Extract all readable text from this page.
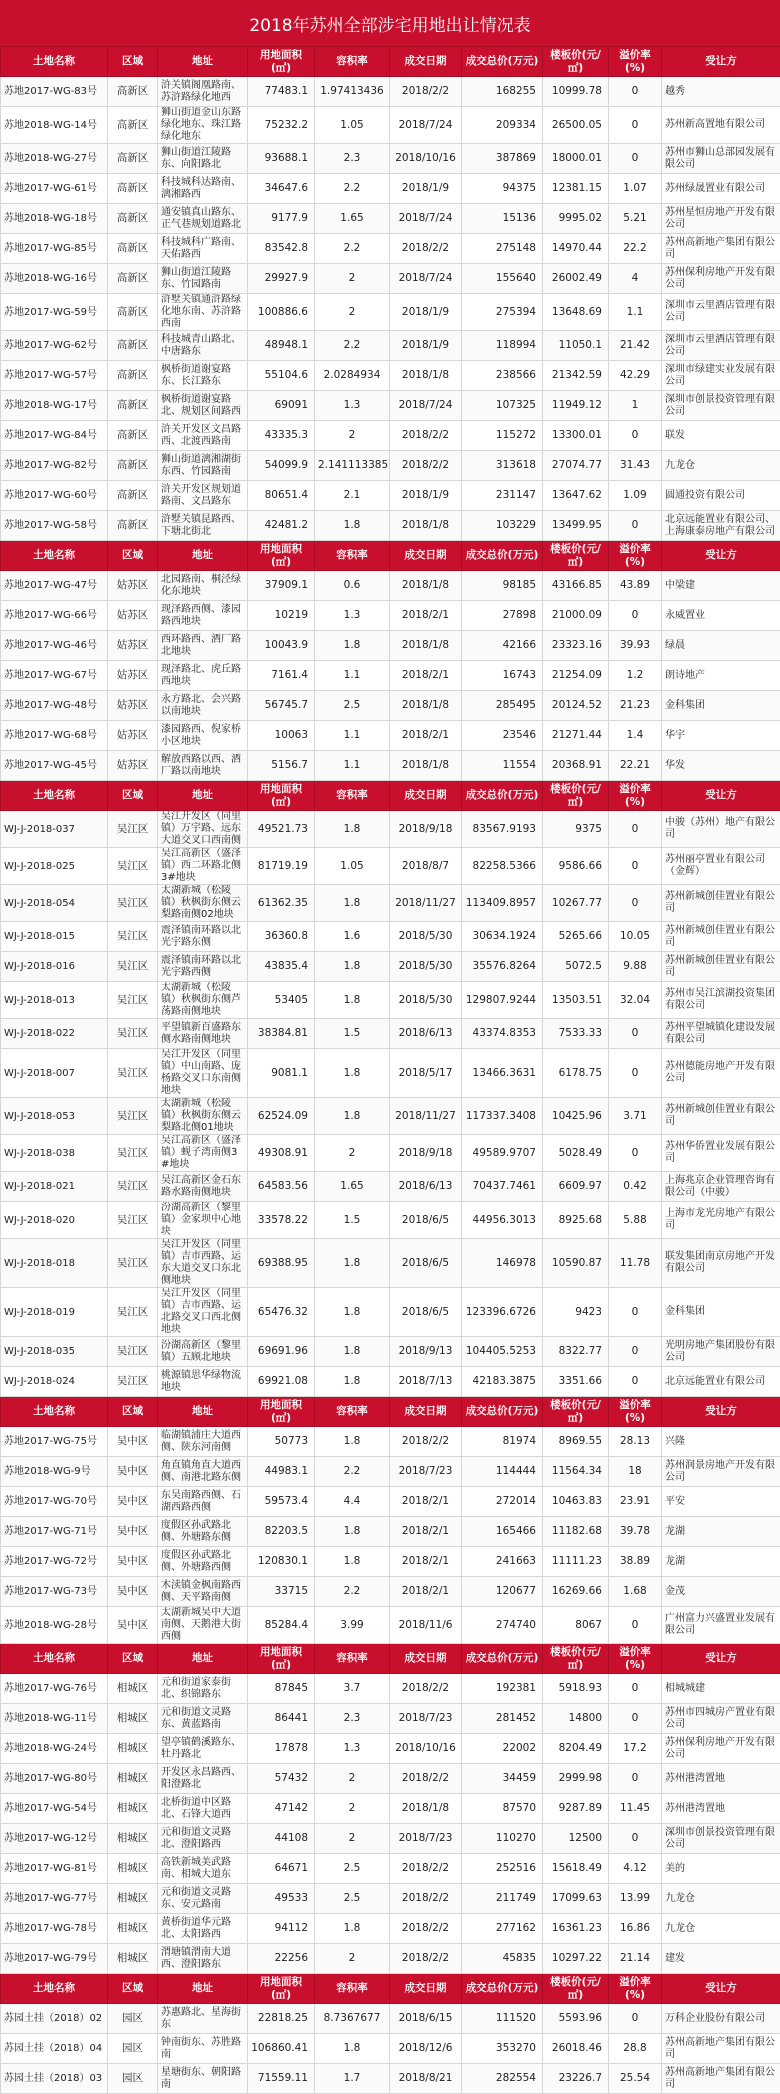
2018年苏州全部涉宅用地出让情况表
土地名称	区域	地址	用地面积(㎡)	容积率	成交日期	成交总价(万元)	楼板价(元/㎡)	溢价率(%)	受让方
苏地2017-WG-83号	高新区	浒关镇阁凰路南、苏浒路绿化地西	77483.1	1.97413436	2018/2/2	168255	10999.78	0	越秀
苏地2018-WG-14号	高新区	狮山街道金山东路绿化地东、珠江路绿化地东	75232.2	1.05	2018/7/24	209334	26500.05	0	苏州新高置地有限公司
苏地2018-WG-27号	高新区	狮山街道江陵路东、向阳路北	93688.1	2.3	2018/10/16	387869	18000.01	0	苏州市狮山总部园发展有限公司
苏地2017-WG-61号	高新区	科技城科达路南、漓湘路西	34647.6	2.2	2018/1/9	94375	12381.15	1.07	苏州绿晟置业有限公司
苏地2018-WG-18号	高新区	通安镇真山路东、正气巷规划道路北	9177.9	1.65	2018/7/24	15136	9995.02	5.21	苏州星恒房地产开发有限公司
苏地2017-WG-85号	高新区	科技城科广路南、天佑路西	83542.8	2.2	2018/2/2	275148	14970.44	22.2	苏州高新地产集团有限公司
苏地2018-WG-16号	高新区	狮山街道江陵路东、竹园路南	29927.9	2	2018/7/24	155640	26002.49	4	苏州保利房地产开发有限公司
苏地2017-WG-59号	高新区	浒墅关镇通浒路绿化地东南、苏浒路西南	100886.6	2	2018/1/9	275394	13648.69	1.1	深圳市云里酒店管理有限公司
苏地2017-WG-62号	高新区	科技城青山路北、中唐路东	48948.1	2.2	2018/1/9	118994	11050.1	21.42	深圳市云里酒店管理有限公司
苏地2017-WG-57号	高新区	枫桥街道谢宴路东、长江路东	55104.6	2.0284934	2018/1/8	238566	21342.59	42.29	深圳市绿建实业发展有限公司
苏地2018-WG-17号	高新区	枫桥街道谢宴路北、规划区间路西	69091	1.3	2018/7/24	107325	11949.12	1	深圳市创景投资管理有限公司
苏地2017-WG-84号	高新区	浒关开发区文昌路西、北渡西路南	43335.3	2	2018/2/2	115272	13300.01	0	联发
苏地2017-WG-82号	高新区	狮山街道漓湘湖街东西、竹园路南	54099.9	2.141113385	2018/2/2	313618	27074.77	31.43	九龙仓
苏地2017-WG-60号	高新区	浒关开发区规划道路南、文昌路东	80651.4	2.1	2018/1/9	231147	13647.62	1.09	圆通投资有限公司
苏地2017-WG-58号	高新区	浒墅关镇昆路西、下塘北街北	42481.2	1.8	2018/1/8	103229	13499.95	0	北京远能置业有限公司、上海康泰房地产有限公司
土地名称	区域	地址	用地面积(㎡)	容积率	成交日期	成交总价(万元)	楼板价(元/㎡)	溢价率(%)	受让方
苏地2017-WG-47号	姑苏区	北园路南、桐泾绿化东地块	37909.1	0.6	2018/1/8	98185	43166.85	43.89	中梁建
苏地2017-WG-66号	姑苏区	现泽路西侧、漆园路西地块	10219	1.3	2018/2/1	27898	21000.09	0	永威置业
苏地2017-WG-46号	姑苏区	西环路西、酒厂路北地块	10043.9	1.8	2018/1/8	42166	23323.16	39.93	绿晨
苏地2017-WG-67号	姑苏区	现泽路北、虎丘路西地块	7161.4	1.1	2018/2/1	16743	21254.09	1.2	朗诗地产
苏地2017-WG-48号	姑苏区	永方路北、会兴路以南地块	56745.7	2.5	2018/1/8	285495	20124.52	21.23	金科集团
苏地2017-WG-68号	姑苏区	漆园路西、倪家桥小区地块	10063	1.1	2018/2/1	23546	21271.44	1.4	华宇
苏地2017-WG-45号	姑苏区	解放西路以西、酒厂路以南地块	5156.7	1.1	2018/1/8	11554	20368.91	22.21	华发
土地名称	区域	地址	用地面积(㎡)	容积率	成交日期	成交总价(万元)	楼板价(元/㎡)	溢价率(%)	受让方
WJ-J-2018-037	吴江区	吴江开发区（同里镇）万宇路、远东大道交叉口西南侧	49521.73	1.8	2018/9/18	83567.9193	9375	0	中骏（苏州）地产有限公司
WJ-J-2018-025	吴江区	吴江高新区（盛泽镇）西二环路北侧3#地块	81719.19	1.05	2018/8/7	82258.5366	9586.66	0	苏州丽亭置业有限公司（金辉）
WJ-J-2018-054	吴江区	太湖新城（松陵镇）秋枫街东侧云梨路南侧02地块	61362.35	1.8	2018/11/27	113409.8957	10267.77	0	苏州新城创佳置业有限公司
WJ-J-2018-015	吴江区	震泽镇南环路以北光宇路东侧	36360.8	1.6	2018/5/30	30634.1924	5265.66	10.05	苏州新城创佳置业有限公司
WJ-J-2018-016	吴江区	震泽镇南环路以北光宇路西侧	43835.4	1.8	2018/5/30	35576.8264	5072.5	9.88	苏州新城创佳置业有限公司
WJ-J-2018-013	吴江区	太湖新城（松陵镇）秋枫街东侧芦荡路南侧地块	53405	1.8	2018/5/30	129807.9244	13503.51	32.04	苏州市吴江滨湖投资集团有限公司
WJ-J-2018-022	吴江区	平望镇新百盛路东侧水路南侧地块	38384.81	1.5	2018/6/13	43374.8353	7533.33	0	苏州平望城镇化建设发展有限公司
WJ-J-2018-007	吴江区	吴江开发区（同里镇）中山南路、庞杨路交叉口东南侧地块	9081.1	1.8	2018/5/17	13466.3631	6178.75	0	苏州德能房地产开发有限公司
WJ-J-2018-053	吴江区	太湖新城（松陵镇）秋枫街东侧云梨路北侧01地块	62524.09	1.8	2018/11/27	117337.3408	10425.96	3.71	苏州新城创佳置业有限公司
WJ-J-2018-038	吴江区	吴江高新区（盛泽镇）蚬子湾南侧3#地块	49308.91	2	2018/9/18	49589.9707	5028.49	0	苏州华侨置业发展有限公司
WJ-J-2018-021	吴江区	吴江高新区金石东路水路南侧地块	64583.56	1.65	2018/6/13	70437.7461	6609.97	0.42	上海兆京企业管理咨询有限公司（中骏）
WJ-J-2018-020	吴江区	汾湖高新区（黎里镇）金家坝中心地块	33578.22	1.5	2018/6/5	44956.3013	8925.68	5.88	上海市龙光房地产有限公司
WJ-J-2018-018	吴江区	吴江开发区（同里镇）吉市西路、运东大道交叉口东北侧地块	69388.95	1.8	2018/6/5	146978	10590.87	11.78	联发集团南京房地产开发有限公司
WJ-J-2018-019	吴江区	吴江开发区（同里镇）吉市西路、运北路交叉口西北侧地块	65476.32	1.8	2018/6/5	123396.6726	9423	0	金科集团
WJ-J-2018-035	吴江区	汾湖高新区（黎里镇）五顾北地块	69691.96	1.8	2018/9/13	104405.5253	8322.77	0	光明房地产集团股份有限公司
WJ-J-2018-024	吴江区	桃源镇思华绿物流地块	69921.08	1.8	2018/7/13	42183.3875	3351.66	0	北京远能置业有限公司
土地名称	区域	地址	用地面积(㎡)	容积率	成交日期	成交总价(万元)	楼板价(元/㎡)	溢价率(%)	受让方
苏地2017-WG-75号	吴中区	临湖镇浦庄大道西侧、陕东河南侧	50773	1.8	2018/2/2	81974	8969.55	28.13	兴隆
苏地2018-WG-9号	吴中区	角直镇角直大道西侧、南港北路东侧	44983.1	2.2	2018/7/23	114444	11564.34	18	苏州润景房地产开发有限公司
苏地2017-WG-70号	吴中区	东吴南路西侧、石湖西路西侧	59573.4	4.4	2018/2/1	272014	10463.83	23.91	平安
苏地2017-WG-71号	吴中区	度假区孙武路北侧、外塘路东侧	82203.5	1.8	2018/2/1	165466	11182.68	39.78	龙湖
苏地2017-WG-72号	吴中区	度假区孙武路北侧、外塘路西侧	120830.1	1.8	2018/2/1	241663	11111.23	38.89	龙湖
苏地2017-WG-73号	吴中区	木渎镇金枫南路西侧、天平路南侧	33715	2.2	2018/2/1	120677	16269.66	1.68	金茂
苏地2018-WG-28号	吴中区	太湖新城吴中大道南侧、天鹅港大街西侧	85284.4	3.99	2018/11/6	274740	8067	0	广州富力兴盛置业发展有限公司
土地名称	区域	地址	用地面积(㎡)	容积率	成交日期	成交总价(万元)	楼板价(元/㎡)	溢价率(%)	受让方
苏地2017-WG-76号	相城区	元和街道家泰街北、织锦路东	87845	3.7	2018/2/2	192381	5918.93	0	相城城建
苏地2018-WG-11号	相城区	元和街道文灵路东、黄蓝路南	86441	2.3	2018/7/23	281452	14800	0	苏州市四城房产置业有限公司
苏地2018-WG-24号	相城区	望亭镇鹤溪路东、牡丹路北	17878	1.3	2018/10/16	22002	8204.49	17.2	苏州保利房地产开发有限公司
苏地2017-WG-80号	相城区	开发区永昌路西、阳澄路北	57432	2	2018/2/2	34459	2999.98	0	苏州港湾置地
苏地2017-WG-54号	相城区	北桥街道中区路北、石锋大道西	47142	2	2018/1/8	87570	9287.89	11.45	苏州港湾置地
苏地2017-WG-12号	相城区	元和街道文灵路北、澄阳路西	44108	2	2018/7/23	110270	12500	0	深圳市创景投资管理有限公司
苏地2017-WG-81号	相城区	高铁新城美武路南、相城大道东	64671	2.5	2018/2/2	252516	15618.49	4.12	美的
苏地2017-WG-77号	相城区	元和街道文灵路东、安元路南	49533	2.5	2018/2/2	211749	17099.63	13.99	九龙仓
苏地2017-WG-78号	相城区	黄桥街道华元路北、太阳路西	94112	1.8	2018/2/2	277162	16361.23	16.86	九龙仓
苏地2017-WG-79号	相城区	渭塘镇渭南大道西、澄阳路东	22256	2	2018/2/2	45835	10297.22	21.14	建发
土地名称	区域	地址	用地面积(㎡)	容积率	成交日期	成交总价(万元)	楼板价(元/㎡)	溢价率(%)	受让方
苏园土挂（2018）02	园区	苏惠路北、星海街东	22818.25	8.7367677	2018/6/15	111520	5593.96	0	万科企业股份有限公司
苏园土挂（2018）04	园区	钟南街东、苏胜路南	106860.41	1.8	2018/12/6	353270	26018.46	28.8	苏州高新地产集团有限公司
苏园土挂（2018）03	园区	星塘街东、朝阳路南	71559.11	1.7	2018/8/21	282554	23226.7	25.54	苏州高新地产集团有限公司
